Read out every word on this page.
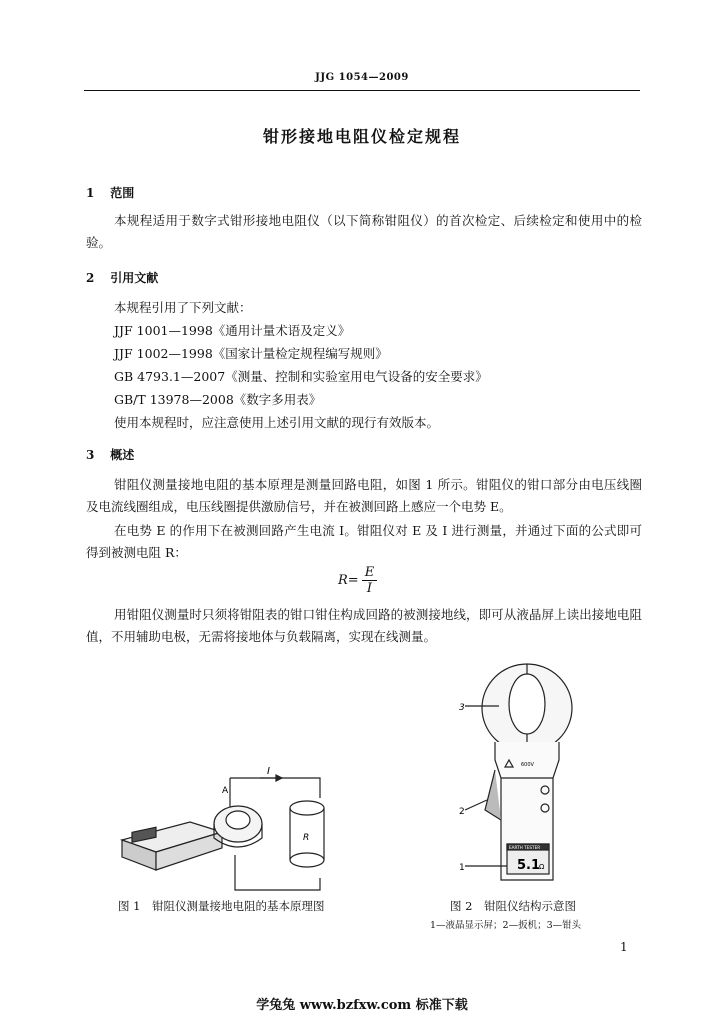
JJG 1054—2009
钳形接地电阻仪检定规程
1 范围
本规程适用于数字式钳形接地电阻仪（以下简称钳阻仪）的首次检定、后续检定和使用中的检验。
2 引用文献
本规程引用了下列文献：
JJF 1001—1998《通用计量术语及定义》
JJF 1002—1998《国家计量检定规程编写规则》
GB 4793.1—2007《测量、控制和实验室用电气设备的安全要求》
GB/T 13978—2008《数字多用表》
使用本规程时，应注意使用上述引用文献的现行有效版本。
3 概述
钳阻仪测量接地电阻的基本原理是测量回路电阻，如图 1 所示。钳阻仪的钳口部分由电压线圈及电流线圈组成，电压线圈提供激励信号，并在被测回路上感应一个电势 E。
在电势 E 的作用下在被测回路产生电流 I。钳阻仪对 E 及 I 进行测量，并通过下面的公式即可得到被测电阻 R：
$R= \frac{E}{I}$
用钳阻仪测量时只须将钳阻表的钳口钳住构成回路的被测接地线，即可从液晶屏上读出接地电阻值，不用辅助电极，无需将接地体与负载隔离，实现在线测量。
I
A
R
图 1　钳阻仪测量接地电阻的基本原理图
3
2
1
600V
EARTH TESTER
5.1
Ω
图 2　钳阻仪结构示意图
1—液晶显示屏；2—扳机；3—钳头
1
学兔兔 www.bzfxw.com 标准下载
